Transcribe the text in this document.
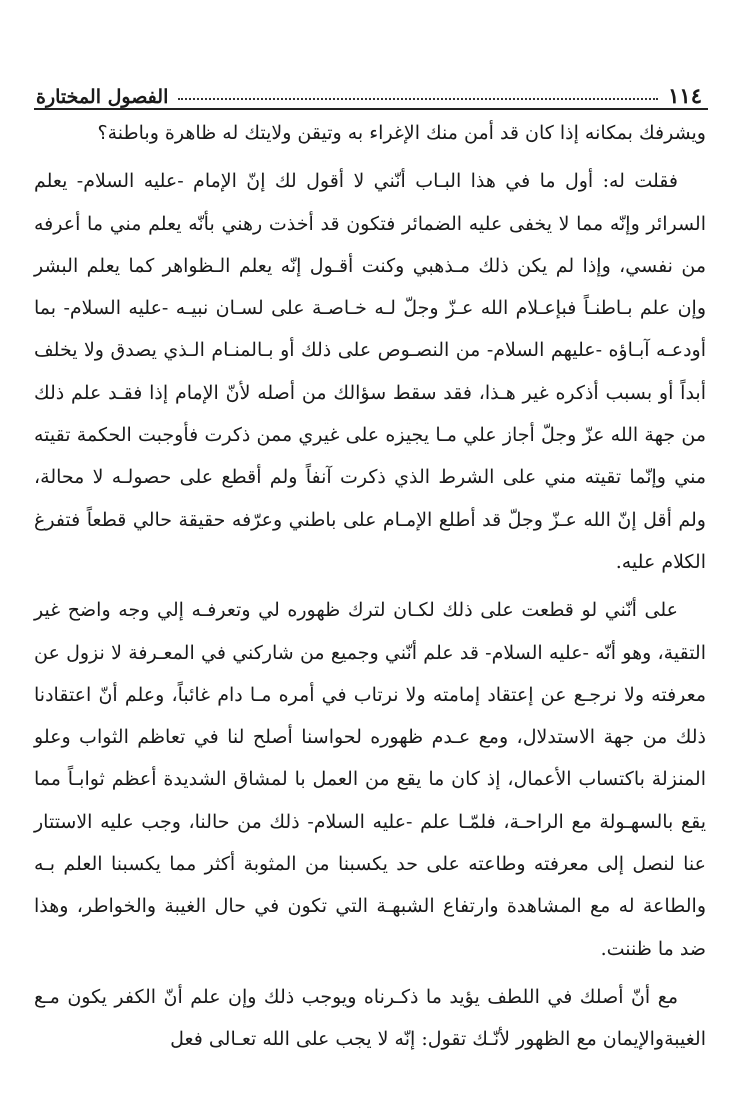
١١٤
الفصول المختارة

ويشرفك بمكانه إذا كان قد أمن منك الإغراء به وتيقن ولايتك له ظاهرة وباطنة؟

فقلت له: أول ما في هذا البـاب أنّني لا أقول لك إنّ الإمام -عليه السلام- يعلم السرائر وإنّه مما لا يخفى عليه الضمائر فتكون قد أخذت رهني بأنّه يعلم مني ما أعرفه من نفسي، وإذا لم يكن ذلك مـذهبي وكنت أقـول إنّه يعلم الـظواهر كما يعلم البشر وإن علم بـاطنـاً فبإعـلام الله عـزّ وجلّ لـه خـاصـة على لسـان نبيـه -عليه السلام- بما أودعـه آبـاؤه -عليهم السلام- من النصـوص على ذلك أو بـالمنـام الـذي يصدق ولا يخلف أبداً أو بسبب أذكره غير هـذا، فقد سقط سؤالك من أصله لأنّ الإمام إذا فقـد علم ذلك من جهة الله عزّ وجلّ أجاز علي مـا يجيزه على غيري ممن ذكرت فأوجبت الحكمة تقيته مني وإنّما تقيته مني على الشرط الذي ذكرت آنفاً ولم أقطع على حصولـه لا محالة، ولم أقل إنّ الله عـزّ وجلّ قد أطلع الإمـام على باطني وعرّفه حقيقة حالي قطعاً فتفرغ الكلام عليه.

على أنّني لو قطعت على ذلك لكـان لترك ظهوره لي وتعرفـه إلي وجه واضح غير التقية، وهو أنّه -عليه السلام- قد علم أنّني وجميع من شاركني في المعـرفة لا نزول عن معرفته ولا نرجـع عن إعتقاد إمامته ولا نرتاب في أمره مـا دام غائباً، وعلم أنّ اعتقادنا ذلك من جهة الاستدلال، ومع عـدم ظهوره لحواسنا أصلح لنا في تعاظم الثواب وعلو المنزلة باكتساب الأعمال، إذ كان ما يقع من العمل با لمشاق الشديدة أعظم ثوابـاً مما يقع بالسهـولة مع الراحـة، فلمّـا علم -عليه السلام- ذلك من حالنا، وجب عليه الاستتار عنا لنصل إلى معرفته وطاعته على حد يكسبنا من المثوبة أكثر مما يكسبنا العلم بـه والطاعة له مع المشاهدة وارتفاع الشبهـة التي تكون في حال الغيبة والخواطر، وهذا ضد ما ظننت.

مع أنّ أصلك في اللطف يؤيد ما ذكـرناه ويوجب ذلك وإن علم أنّ الكفر يكون مـع الغيبةوالإيمان مع الظهور لأنّـك تقول: إنّه لا يجب على الله تعـالى فعل
